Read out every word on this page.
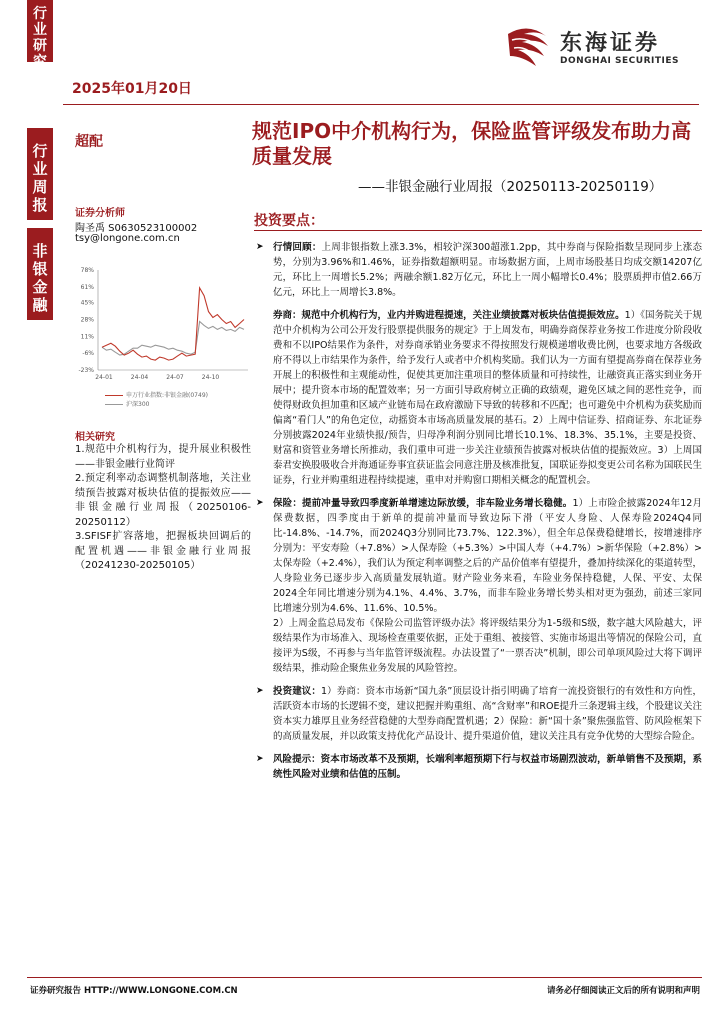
行业
研究
行业
周报
非银
金融
2025年01月20日
东海证券
DONGHAI SECURITIES
超配	规范IPO中介机构行为，保险监管评级发布助力高质量发展
——非银金融行业周报（20250113-20250119）
证券分析师
陶圣禹 S0630523100002
tsy@longone.com.cn
78%
61%
45%
28%
11%
-6%
-23%
24-01	24-04	24-07	24-10
申万行业指数:非银金融(0749)
沪深300
相关研究

1.规范中介机构行为，提升展业积极性——非银金融行业简评

2.预定利率动态调整机制落地，关注业绩预告披露对板块估值的提振效应——非银金融行业周报（20250106-20250112）

3.SFISF扩容落地，把握板块回调后的配置机遇——非银金融行业周报（20241230-20250105）

投资要点：
➤ 行情回顾：上周非银指数上涨3.3%，相较沪深300超涨1.2pp，其中券商与保险指数呈现同步上涨态势，分别为3.96%和1.46%，证券指数超额明显。市场数据方面，上周市场股基日均成交额14207亿元，环比上一周增长5.2%；两融余额1.82万亿元，环比上一周小幅增长0.4%；股票质押市值2.66万亿元，环比上一周增长3.8%。
券商：规范中介机构行为，业内并购进程提速，关注业绩披露对板块估值提振效应。1）《国务院关于规范中介机构为公司公开发行股票提供服务的规定》于上周发布，明确券商保荐业务按工作进度分阶段收费和不以IPO结果作为条件，对券商承销业务要求不得按照发行规模递增收费比例，也要求地方各级政府不得以上市结果作为条件，给予发行人或者中介机构奖励。我们认为一方面有望提高券商在保荐业务开展上的积极性和主观能动性，促使其更加注重项目的整体质量和可持续性，让融资真正落实到业务开展中；提升资本市场的配置效率；另一方面引导政府树立正确的政绩观，避免区域之间的恶性竞争，而使得财政负担加重和区域产业链布局在政府激励下导致的转移和不匹配；也可避免中介机构为获奖励而偏离“看门人”的角色定位，动摇资本市场高质量发展的基石。2）上周中信证券、招商证券、东北证券分别披露2024年业绩快报/预告，归母净利润分别同比增长10.1%、18.3%、35.1%，主要是投资、财富和资管业务增长所推动，我们重申可进一步关注业绩预告披露对板块估值的提振效应。3）上周国泰君安换股吸收合并海通证券事宜获证监会同意注册及核准批复，国联证券拟变更公司名称为国联民生证券，行业并购重组进程持续提速，重申对并购窗口期相关概念的配置机会。
➤ 保险：提前冲量导致四季度新单增速边际放缓，非车险业务增长稳健。1）上市险企披露2024年12月保费数据，四季度由于新单的提前冲量而导致边际下滑（平安人身险、人保寿险2024Q4同比-14.8%、-14.7%，而2024Q3分别同比73.7%、122.3%），但全年总保费稳健增长，按增速排序分别为：平安寿险（+7.8%）>人保寿险（+5.3%）>中国人寿（+4.7%）>新华保险（+2.8%）>太保寿险（+2.4%），我们认为预定利率调整之后的产品价值率有望提升，叠加持续深化的渠道转型，人身险业务已逐步步入高质量发展轨道。财产险业务来看，车险业务保持稳健，人保、平安、太保2024全年同比增速分别为4.1%、4.4%、3.7%，而非车险业务增长势头相对更为强劲，前述三家同比增速分别为4.6%、11.6%、10.5%。
2）上周金监总局发布《保险公司监管评级办法》将评级结果分为1-5级和S级，数字越大风险越大，评级结果作为市场准入、现场检查重要依据，正处于重组、被接管、实施市场退出等情况的保险公司，直接评为S级，不再参与当年监管评级流程。办法设置了“一票否决”机制，即公司单项风险过大将下调评级结果，推动险企聚焦业务发展的风险管控。
➤ 投资建议：1）券商：资本市场新“国九条”顶层设计指引明确了培育一流投资银行的有效性和方向性，活跃资本市场的长逻辑不变，建议把握并购重组、高“含财率”和ROE提升三条逻辑主线，个股建议关注资本实力雄厚且业务经营稳健的大型券商配置机遇；2）保险：新“国十条”聚焦强监管、防风险框架下的高质量发展，并以政策支持优化产品设计、提升渠道价值，建议关注具有竞争优势的大型综合险企。
➤ 风险提示：资本市场改革不及预期，长端利率超预期下行与权益市场剧烈波动，新单销售不及预期，系统性风险对业绩和估值的压制。
证券研究报告 HTTP://WWW.LONGONE.COM.CN	请务必仔细阅读正文后的所有说明和声明
